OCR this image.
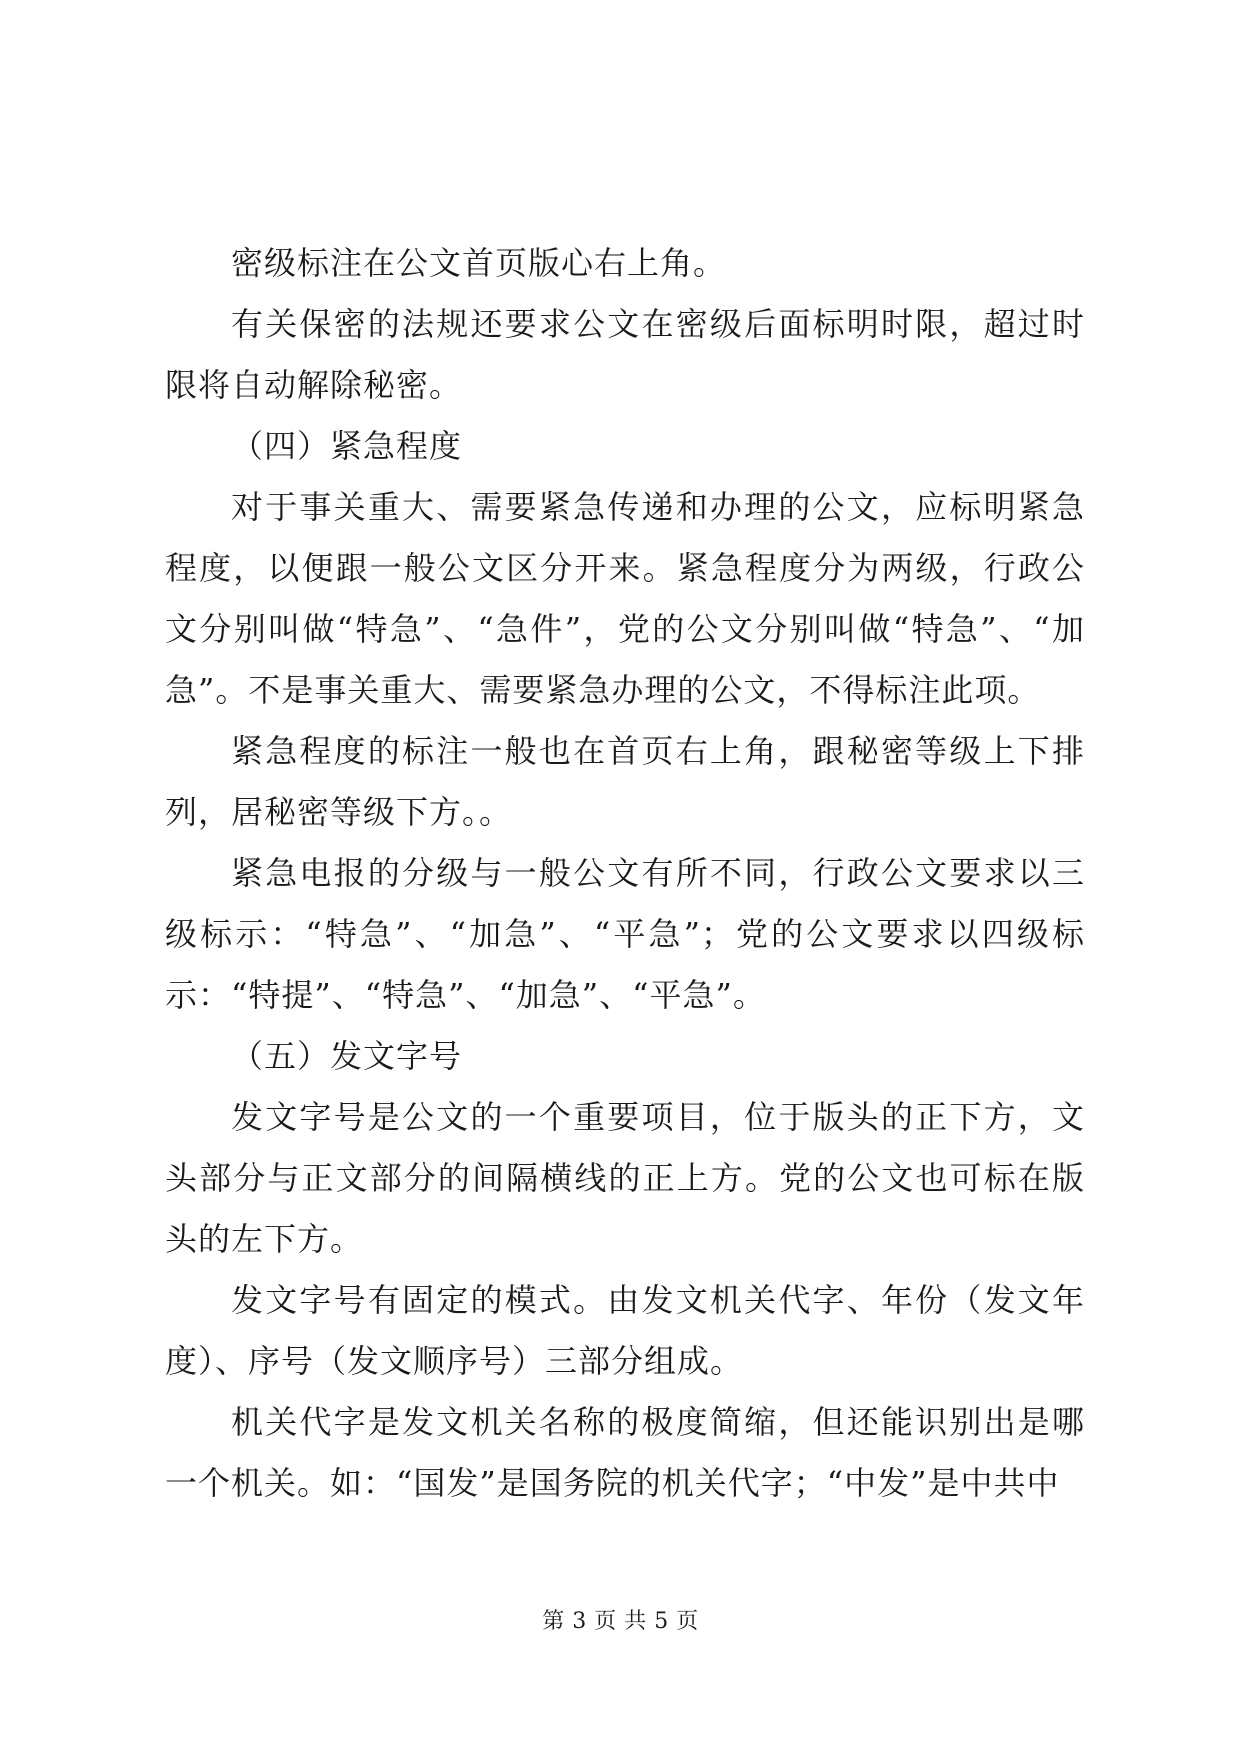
密级标注在公文首页版心右上角。

有关保密的法规还要求公文在密级后面标明时限，超过时限将自动解除秘密。

（四）紧急程度

对于事关重大、需要紧急传递和办理的公文，应标明紧急程度，以便跟一般公文区分开来。紧急程度分为两级，行政公文分别叫做“特急”、“急件”，党的公文分别叫做“特急”、“加急”。不是事关重大、需要紧急办理的公文，不得标注此项。

紧急程度的标注一般也在首页右上角，跟秘密等级上下排列，居秘密等级下方。。

紧急电报的分级与一般公文有所不同，行政公文要求以三级标示：“特急”、“加急”、“平急”；党的公文要求以四级标示：“特提”、“特急”、“加急”、“平急”。

（五）发文字号

发文字号是公文的一个重要项目，位于版头的正下方，文头部分与正文部分的间隔横线的正上方。党的公文也可标在版头的左下方。

发文字号有固定的模式。由发文机关代字、年份（发文年度）、序号（发文顺序号）三部分组成。

机关代字是发文机关名称的极度简缩，但还能识别出是哪一个机关。如：“国发”是国务院的机关代字；“中发”是中共中

第 3 页 共 5 页
